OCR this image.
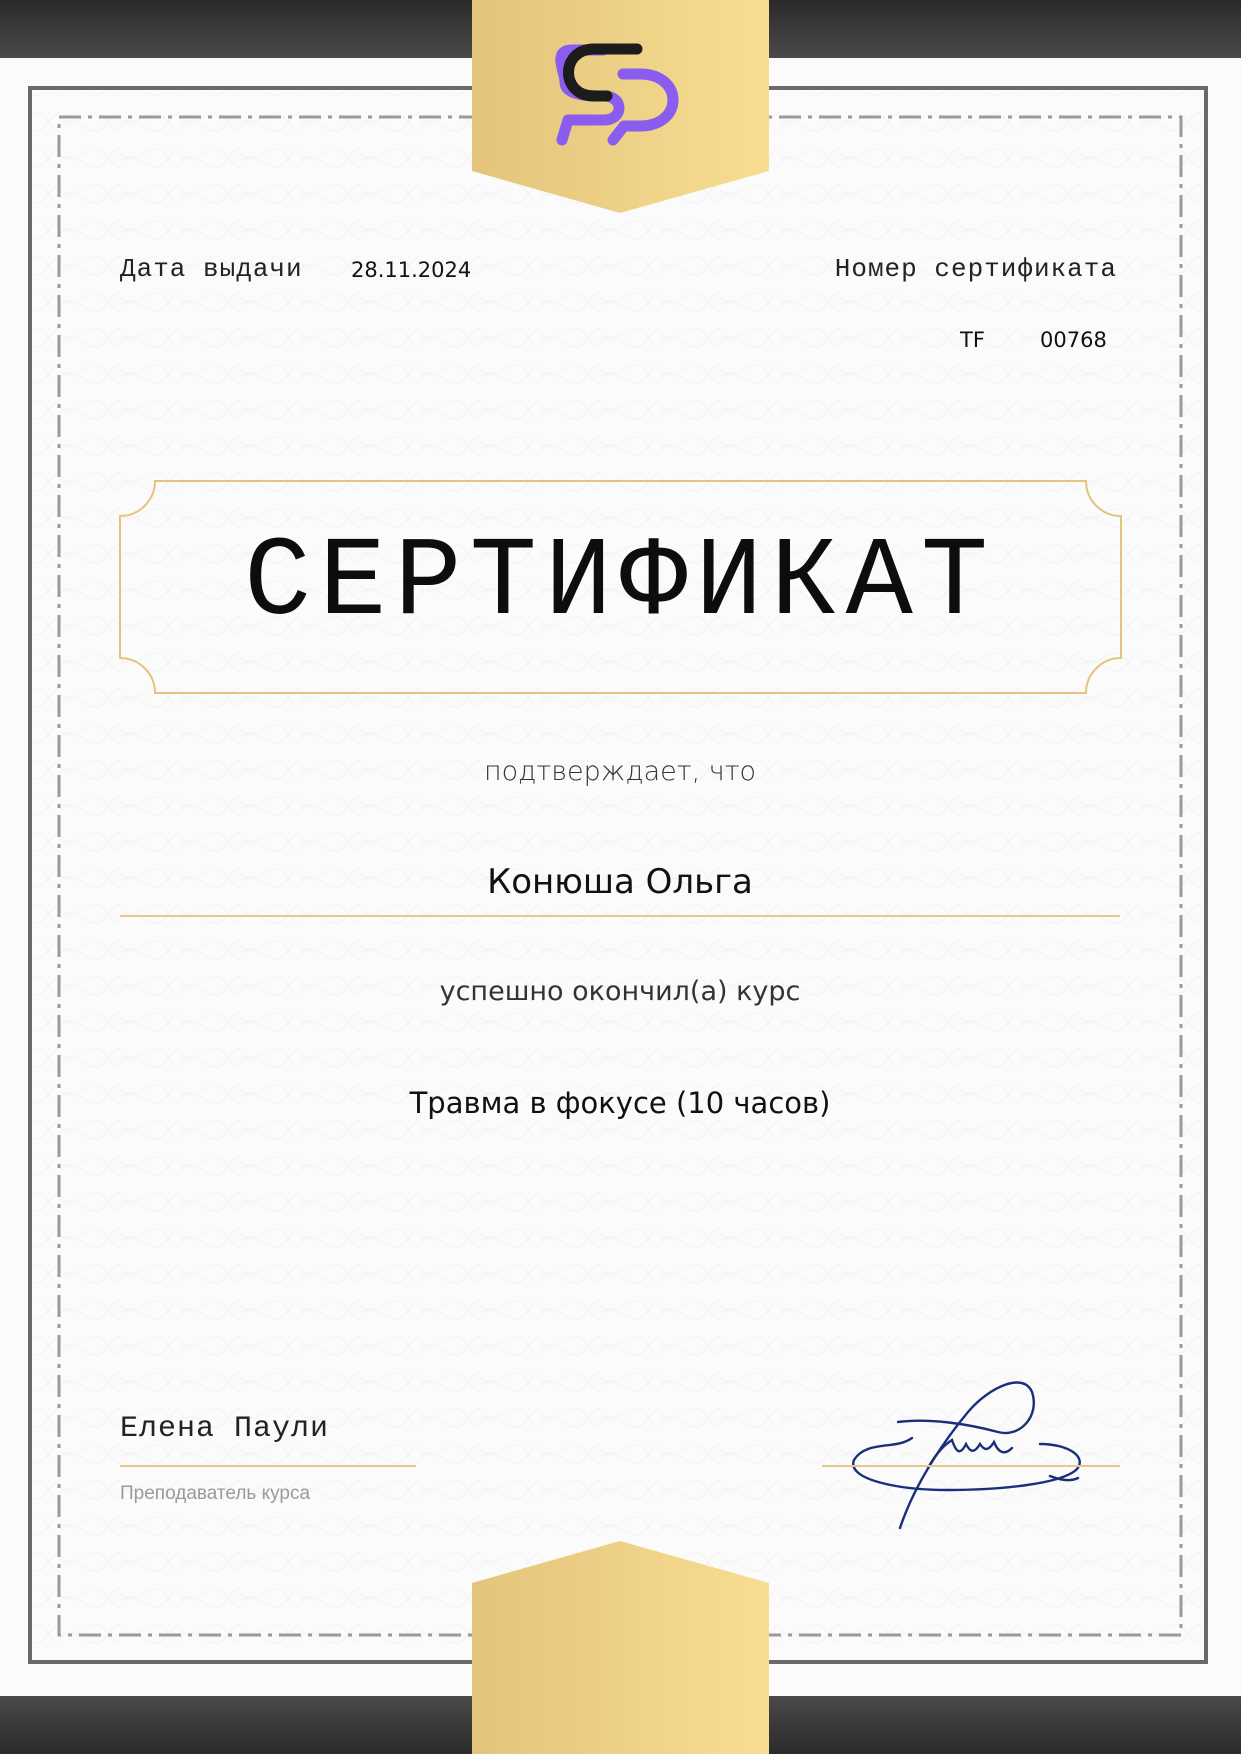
Дата выдачи 28.11.2024	Номер сертификата
TF	00768
СЕРТИФИКАТ
подтверждает, что
Конюша Ольга
успешно окончил(а) курс
Травма в фокусе (10 часов)
Елена Паули
Преподаватель курса
